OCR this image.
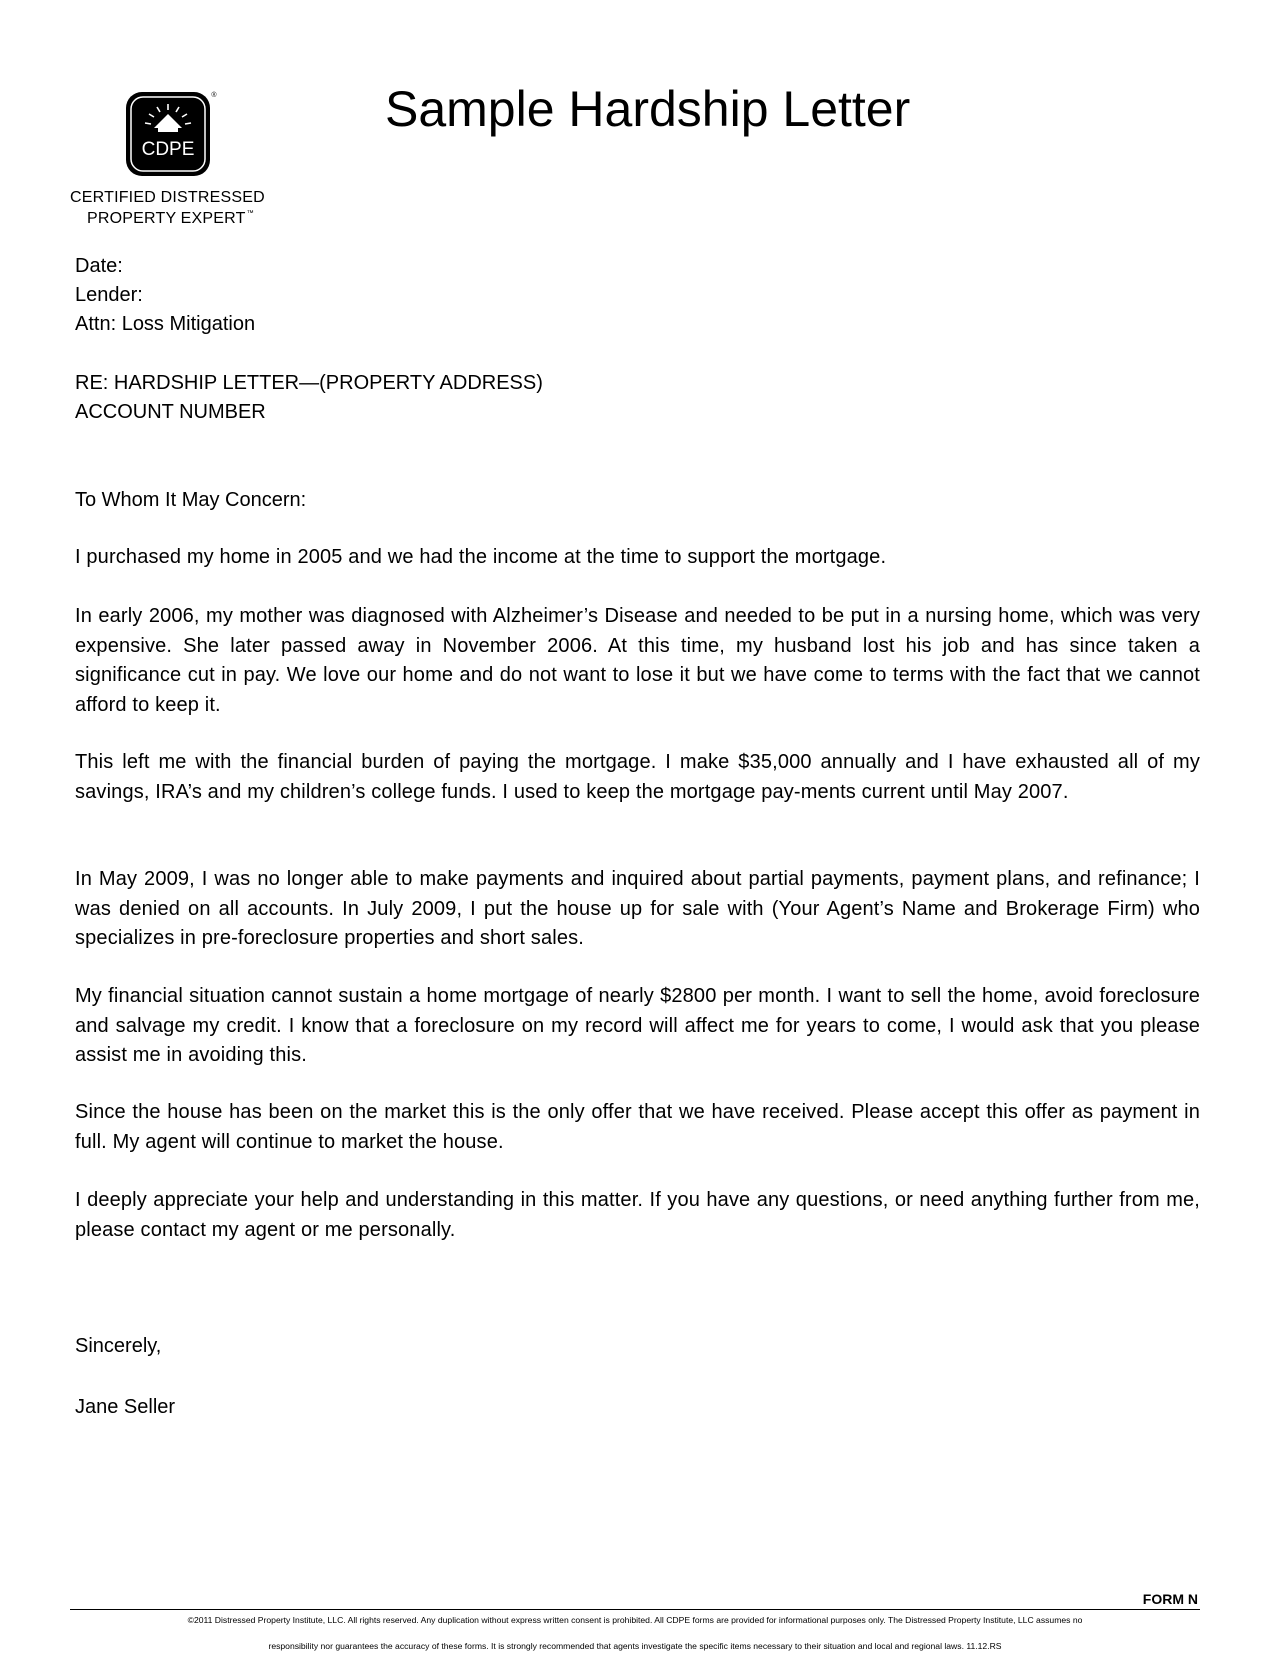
CDPE
®
CERTIFIED DISTRESSED
PROPERTY EXPERT™
Sample Hardship Letter
Date:
Lender:
Attn: Loss Mitigation
RE: HARDSHIP LETTER—(PROPERTY ADDRESS)
ACCOUNT NUMBER
To Whom It May Concern:

I purchased my home in 2005 and we had the income at the time to support the mortgage.

In early 2006, my mother was diagnosed with Alzheimer’s Disease and needed to be put in a nursing home, which was very expensive. She later passed away in November 2006. At this time, my husband lost his job and has since taken a significance cut in pay. We love our home and do not want to lose it but we have come to terms with the fact that we cannot afford to keep it.

This left me with the financial burden of paying the mortgage. I make $35,000 annually and I have exhausted all of my savings, IRA’s and my children’s college funds. I used to keep the mortgage pay-ments current until May 2007.

In May 2009, I was no longer able to make payments and inquired about partial payments, payment plans, and refinance; I was denied on all accounts. In July 2009, I put the house up for sale with (Your Agent’s Name and Brokerage Firm) who specializes in pre-foreclosure properties and short sales.

My financial situation cannot sustain a home mortgage of nearly $2800 per month. I want to sell the home, avoid foreclosure and salvage my credit. I know that a foreclosure on my record will affect me for years to come, I would ask that you please assist me in avoiding this.

Since the house has been on the market this is the only offer that we have received. Please accept this offer as payment in full. My agent will continue to market the house.

I deeply appreciate your help and understanding in this matter. If you have any questions, or need anything further from me, please contact my agent or me personally.

Sincerely,
Jane Seller
FORM N
©2011 Distressed Property Institute, LLC. All rights reserved. Any duplication without express written consent is prohibited. All CDPE forms are provided for informational purposes only. The Distressed Property Institute, LLC assumes no
responsibility nor guarantees the accuracy of these forms. It is strongly recommended that agents investigate the specific items necessary to their situation and local and regional laws. 11.12.RS
